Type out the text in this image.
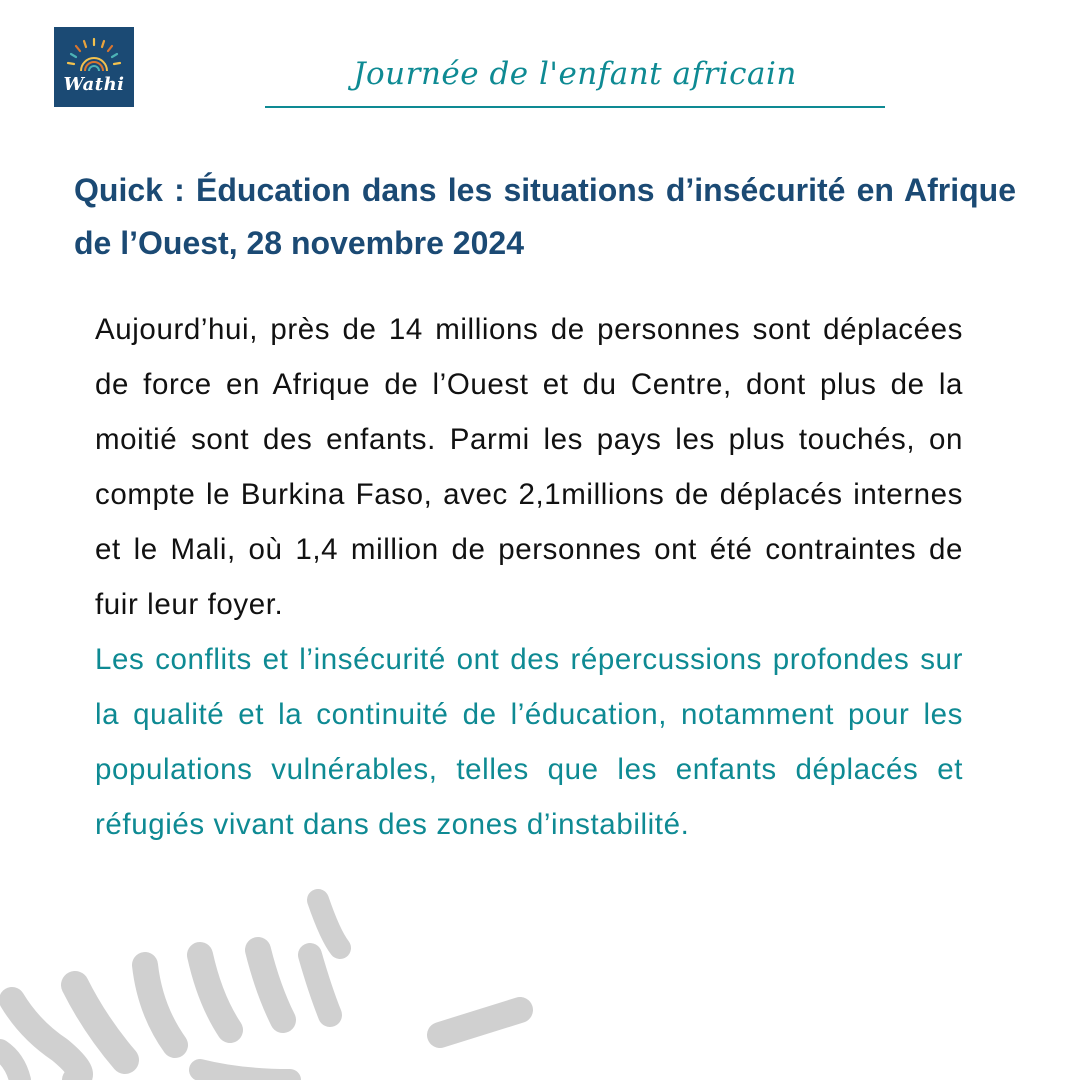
Wathi	Journée de l'enfant africain
Quick : Éducation dans les situations d’insécurité en Afrique de l’Ouest, 28 novembre 2024

Aujourd’hui, près de 14 millions de personnes sont déplacées de force en Afrique de l’Ouest et du Centre, dont plus de la moitié sont des enfants. Parmi les pays les plus touchés, on compte le Burkina Faso, avec 2,1millions de déplacés internes et le Mali, où 1,4 million de personnes ont été contraintes de fuir leur foyer.

Les conflits et l’insécurité ont des répercussions profondes sur la qualité et la continuité de l’éducation, notamment pour les populations vulnérables, telles que les enfants déplacés et réfugiés vivant dans des zones d’instabilité.
